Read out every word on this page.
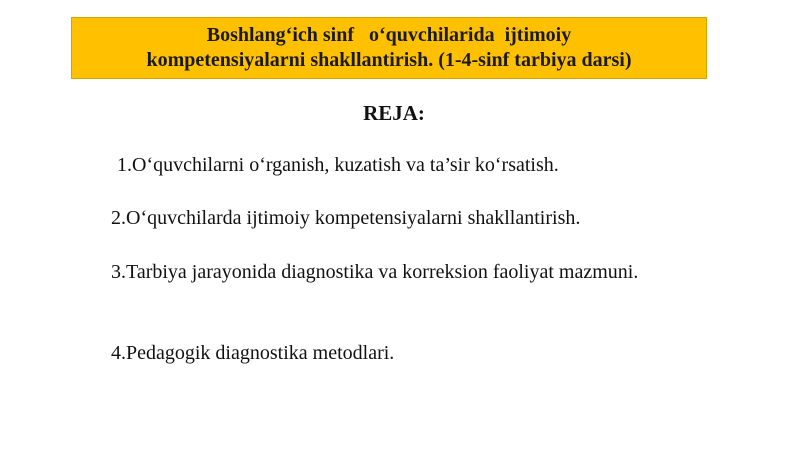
Boshlang‘ich sinf   o‘quvchilarida  ijtimoiy
kompetensiyalarni shakllantirish. (1-4-sinf tarbiya darsi)
REJA:
1.O‘quvchilarni o‘rganish, kuzatish va ta’sir ko‘rsatish.
2.O‘quvchilarda ijtimoiy kompetensiyalarni shakllantirish.
3.Tarbiya jarayonida diagnostika va korreksion faoliyat mazmuni.
4.Pedagogik diagnostika metodlari.
